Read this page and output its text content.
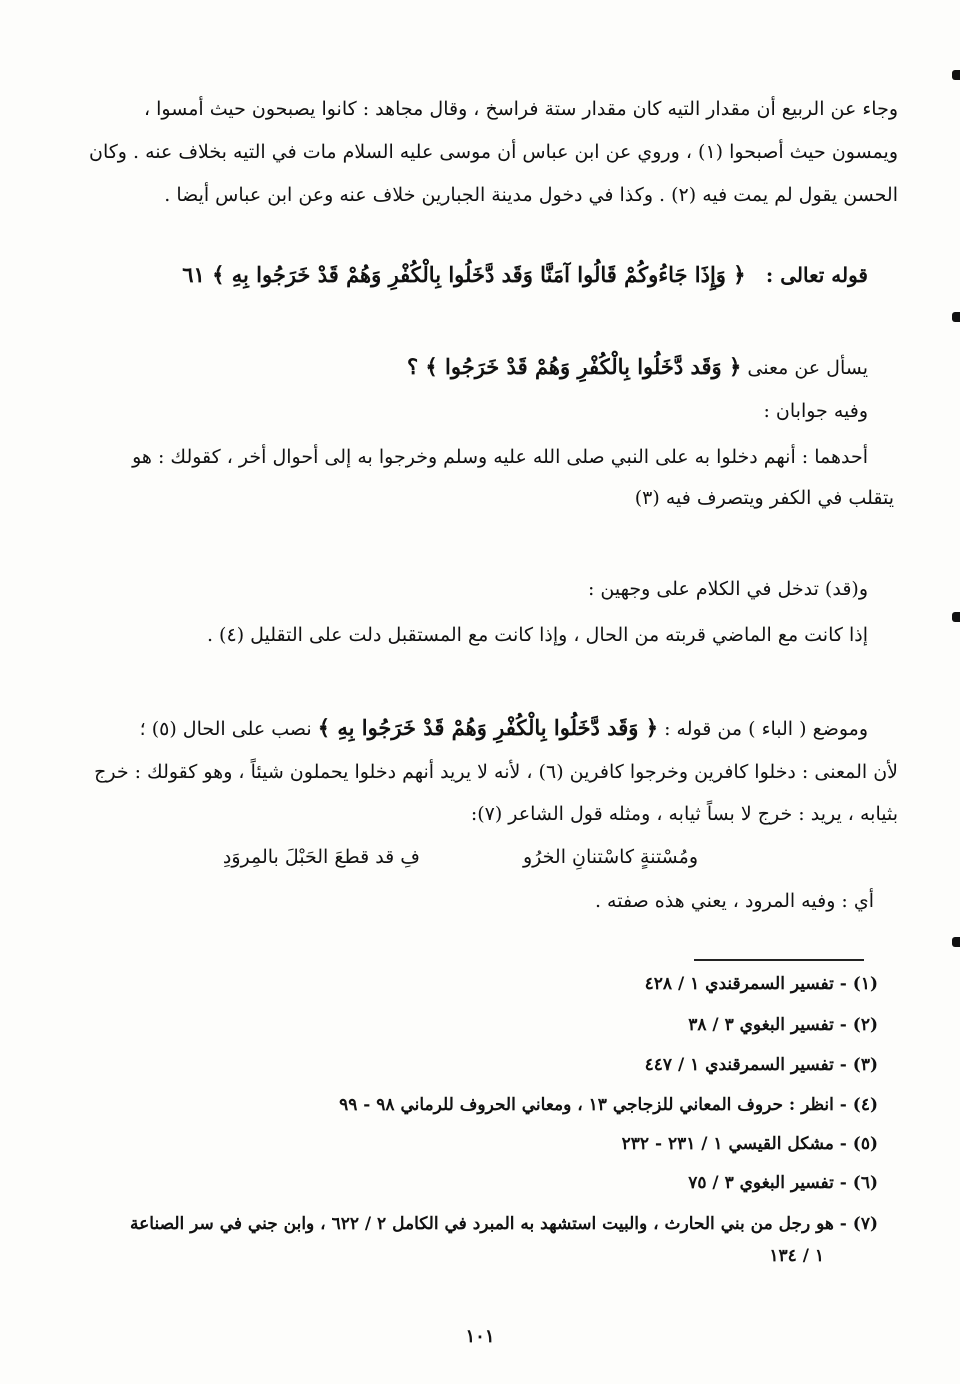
وجاء عن الربيع أن مقدار التيه كان مقدار ستة فراسخ ، وقال مجاهد : كانوا يصبحون حيث أمسوا ،
ويمسون حيث أصبحوا (١) ، وروي عن ابن عباس أن موسى عليه السلام مات في التيه بخلاف عنه . وكان
الحسن يقول لم يمت فيه (٢) . وكذا في دخول مدينة الجبارين خلاف عنه وعن ابن عباس أيضا .
قوله تعالى :    ﴿ وَإِذَا جَاءُوكُمْ قَالُوا آمَنَّا وَقَد دَّخَلُوا بِالْكُفْرِ وَهُمْ قَدْ خَرَجُوا بِهِ ﴾ ٦١
يسأل عن معنى ﴿ وَقَد دَّخَلُوا بِالْكُفْرِ وَهُمْ قَدْ خَرَجُوا ﴾ ؟
وفيه جوابان :
أحدهما : أنهم دخلوا به على النبي صلى الله عليه وسلم وخرجوا به إلى أحوال أخر ، كقولك : هو
يتقلب في الكفر ويتصرف فيه (٣)
و(قد) تدخل في الكلام على وجهين :
إذا كانت مع الماضي قربته من الحال ، وإذا كانت مع المستقبل دلت على التقليل (٤) .
وموضع ( الباء ) من قوله : ﴿ وَقَد دَّخَلُوا بِالْكُفْرِ وَهُمْ قَدْ خَرَجُوا بِهِ ﴾ نصب على الحال (٥) ؛
لأن المعنى : دخلوا كافرين وخرجوا كافرين (٦) ، لأنه لا يريد أنهم دخلوا يحملون شيئاً ، وهو كقولك : خرج
بثيابه ، يريد : خرج لا بساً ثيابه ، ومثله قول الشاعر (٧):
ومُسْتنةٍ كاسْتنانِ الخرُو
فِ قد قطعَ الحَبْلَ بالمِروَدِ
أي : وفيه المرود ، يعني هذه صفته .
(١) - تفسير السمرقندي ١ / ٤٢٨
(٢) - تفسير البغوي ٣ / ٣٨
(٣) - تفسير السمرقندي ١ / ٤٤٧
(٤) - انظر : حروف المعاني للزجاجي ١٣ ، ومعاني الحروف للرماني ٩٨ - ٩٩
(٥) - مشكل القيسي ١ / ٢٣١ - ٢٣٢
(٦) - تفسير البغوي ٣ / ٧٥
(٧) - هو رجل من بني الحارث ، والبيت استشهد به المبرد في الكامل ٢ / ٦٢٢ ، وابن جني في سر الصناعة
١ / ١٣٤
١٠١
